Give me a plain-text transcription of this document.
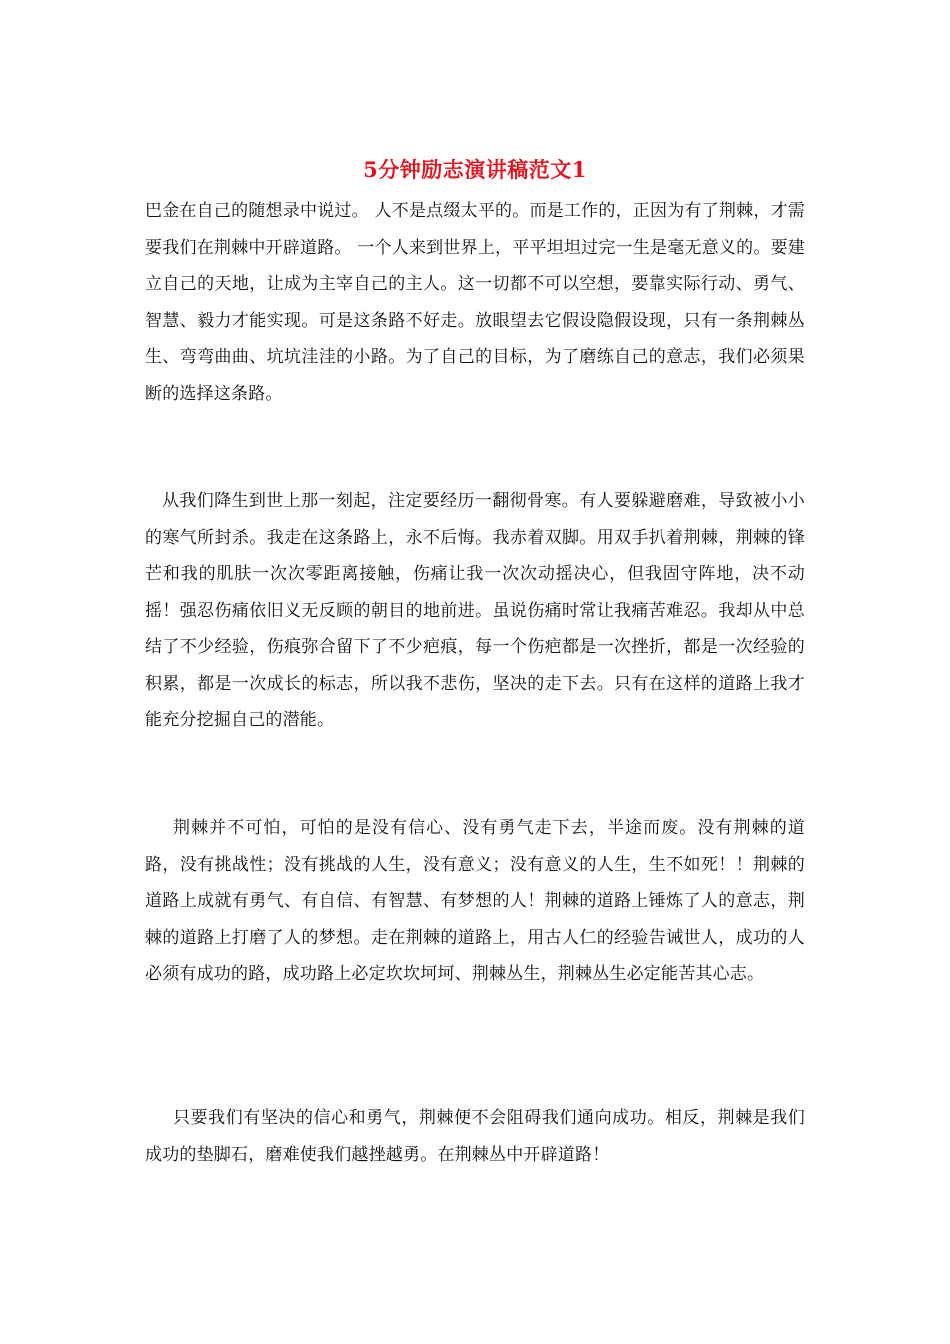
5分钟励志演讲稿范文1

巴金在自己的随想录中说过。 人不是点缀太平的。而是工作的，正因为有了荆棘，才需要我们在荆棘中开辟道路。 一个人来到世界上，平平坦坦过完一生是毫无意义的。要建立自己的天地，让成为主宰自己的主人。这一切都不可以空想，要靠实际行动、勇气、智慧、毅力才能实现。可是这条路不好走。放眼望去它假设隐假设现，只有一条荆棘丛生、弯弯曲曲、坑坑洼洼的小路。为了自己的目标，为了磨练自己的意志，我们必须果断的选择这条路。

从我们降生到世上那一刻起，注定要经历一翻彻骨寒。有人要躲避磨难，导致被小小的寒气所封杀。我走在这条路上，永不后悔。我赤着双脚。用双手扒着荆棘，荆棘的锋芒和我的肌肤一次次零距离接触，伤痛让我一次次动摇决心，但我固守阵地，决不动摇！强忍伤痛依旧义无反顾的朝目的地前进。虽说伤痛时常让我痛苦难忍。我却从中总结了不少经验，伤痕弥合留下了不少疤痕，每一个伤疤都是一次挫折，都是一次经验的积累，都是一次成长的标志，所以我不悲伤，坚决的走下去。只有在这样的道路上我才能充分挖掘自己的潜能。

荆棘并不可怕，可怕的是没有信心、没有勇气走下去，半途而废。没有荆棘的道路，没有挑战性；没有挑战的人生，没有意义；没有意义的人生，生不如死！！荆棘的道路上成就有勇气、有自信、有智慧、有梦想的人！荆棘的道路上锤炼了人的意志，荆棘的道路上打磨了人的梦想。走在荆棘的道路上，用古人仁的经验告诫世人，成功的人必须有成功的路，成功路上必定坎坎坷坷、荆棘丛生，荆棘丛生必定能苦其心志。

只要我们有坚决的信心和勇气，荆棘便不会阻碍我们通向成功。相反，荆棘是我们成功的垫脚石，磨难使我们越挫越勇。在荆棘丛中开辟道路！
